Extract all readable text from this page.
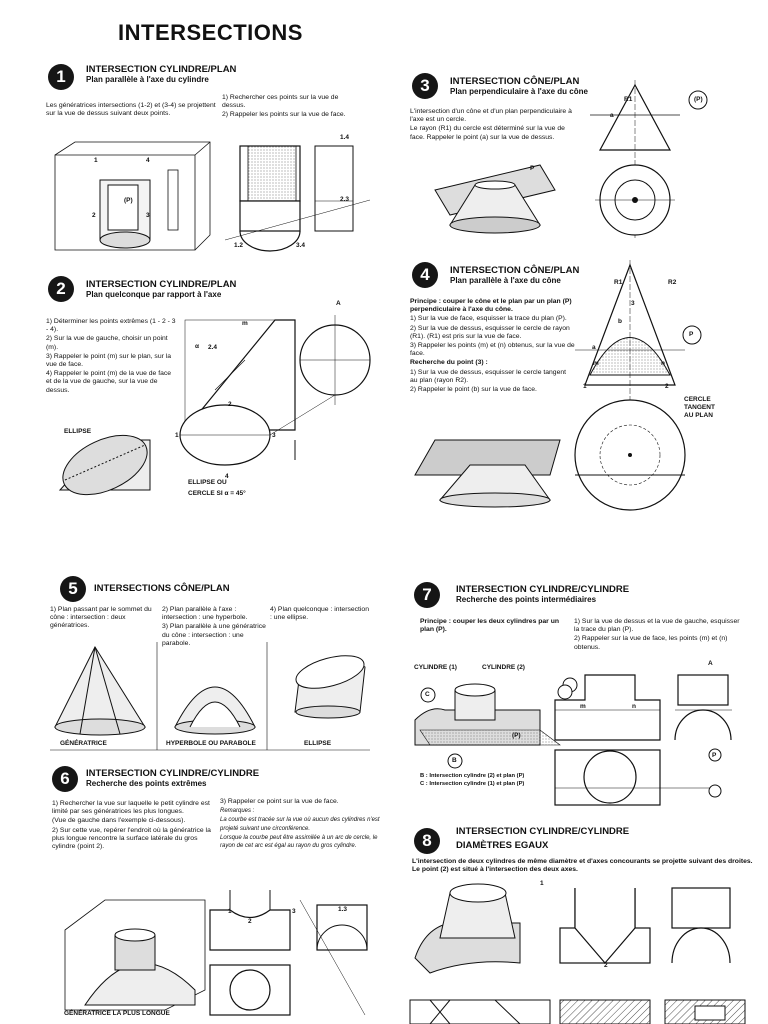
INTERSECTIONS
1	INTERSECTION CYLINDRE/PLAN
Plan parallèle à l'axe du cylindre
Les génératrices intersections (1-2) et (3-4) se projettent sur la vue de dessus suivant deux points.

1) Rechercher ces points sur la vue de dessus.

2) Rappeler les points sur la vue de face.

(P)
1
2	3
4
1.4
2.3
1.2	3.4
2	INTERSECTION CYLINDRE/PLAN
Plan quelconque par rapport à l'axe

1) Déterminer les points extrêmes (1 - 2 - 3 - 4).

2) Sur la vue de gauche, choisir un point (m).

3) Rappeler le point (m) sur le plan, sur la vue de face.

4) Rappeler le point (m) de la vue de face et de la vue de gauche, sur la vue de dessus.

ELLIPSE
α 2.4
m
A
1	3
4
2
ELLIPSE OU
CERCLE SI α = 45°
3	INTERSECTION CÔNE/PLAN
Plan perpendiculaire à l'axe du cône

L'intersection d'un cône et d'un plan perpendiculaire à l'axe est un cercle.

Le rayon (R1) du cercle est déterminé sur la vue de face. Rappeler le point (a) sur la vue de dessus.

(P)
R1
a
P
4	INTERSECTION CÔNE/PLAN
Plan parallèle à l'axe du cône

Principe : couper le cône et le plan par un plan (P) perpendiculaire à l'axe du cône.

1) Sur la vue de face, esquisser la trace du plan (P).

2) Sur la vue de dessus, esquisser le cercle de rayon (R1). (R1) est pris sur la vue de face.

3) Rappeler les points (m) et (n) obtenus, sur la vue de face.

Recherche du point (3) :

1) Sur la vue de dessus, esquisser le cercle tangent au plan (rayon R2).

2) Rappeler le point (b) sur la vue de face.

R1	R2
P
m	n
a
b
1	2
3
CERCLE
TANGENT
AU PLAN
5	INTERSECTIONS CÔNE/PLAN
1) Plan passant par le sommet du cône : intersection : deux génératrices.

2) Plan parallèle à l'axe : intersection : une hyperbole.

3) Plan parallèle à une génératrice du cône : intersection : une parabole.

4) Plan quelconque : intersection : une ellipse.
GÉNÉRATRICE	HYPERBOLE OU PARABOLE	ELLIPSE
6	INTERSECTION CYLINDRE/CYLINDRE
Recherche des points extrêmes

1) Rechercher la vue sur laquelle le petit cylindre est limité par ses génératrices les plus longues.

(Vue de gauche dans l'exemple ci-dessous).

2) Sur cette vue, repérer l'endroit où la génératrice la plus longue rencontre la surface latérale du gros cylindre (point 2).

3) Rappeler ce point sur la vue de face.

Remarques :

La courbe est tracée sur la vue où aucun des cylindres n'est projeté suivant une circonférence.

Lorsque la courbe peut être assimilée à un arc de cercle, le rayon de cet arc est égal au rayon du gros cylindre.

1
2
3	1.3
GÉNÉRATRICE LA PLUS LONGUE
7	INTERSECTION CYLINDRE/CYLINDRE
Recherche des points intermédiaires
Principe : couper les deux cylindres par un plan (P).

1) Sur la vue de dessus et la vue de gauche, esquisser la trace du plan (P).

2) Rappeler sur la vue de face, les points (m) et (n) obtenus.

CYLINDRE (1)	CYLINDRE (2)
C
B
(P)
P
A
m	n
B : Intersection cylindre (2) et plan (P)
C : Intersection cylindre (1) et plan (P)
8	INTERSECTION CYLINDRE/CYLINDRE
DIAMÈTRES EGAUX
L'intersection de deux cylindres de même diamètre et d'axes concourants se projette suivant des droites. Le point (2) est situé à l'intersection des deux axes.
1
2
